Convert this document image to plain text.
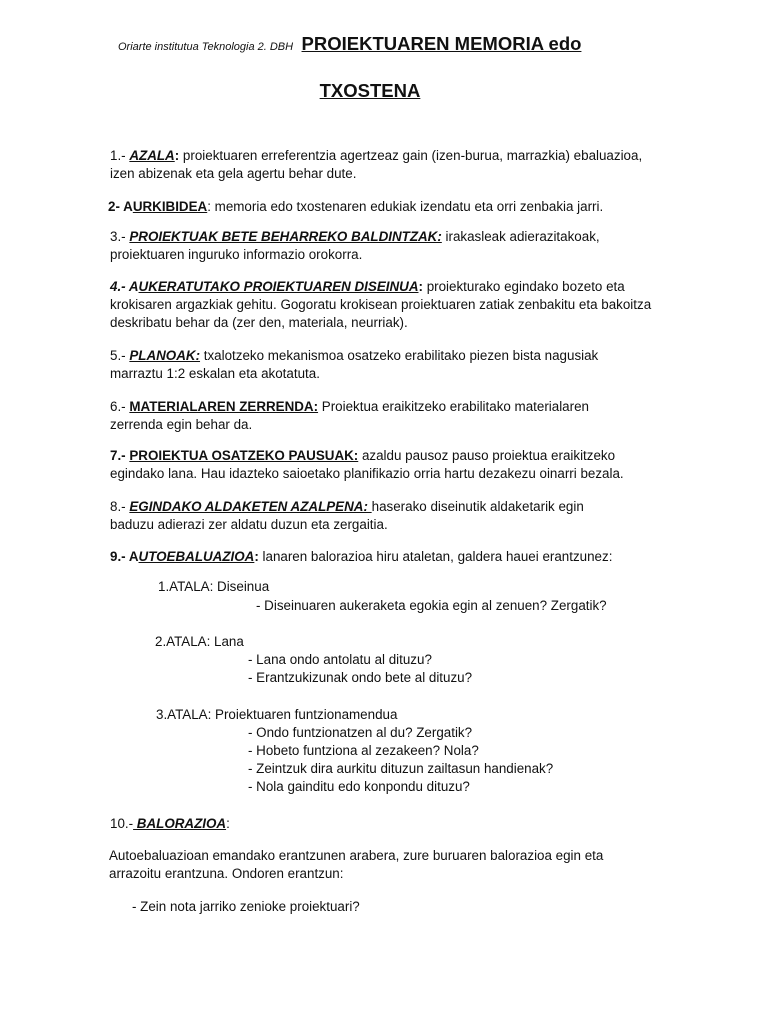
Oriarte institutua Teknologia 2. DBH PROIEKTUAREN MEMORIA edo
TXOSTENA
1.- AZALA: proiektuaren erreferentzia agertzeaz gain (izen-burua, marrazkia) ebaluazioa, izen abizenak eta gela agertu behar dute.
2- AURKIBIDEA: memoria edo txostenaren edukiak izendatu eta orri zenbakia jarri.
3.- PROIEKTUAK BETE BEHARREKO BALDINTZAK: irakasleak adierazitakoak, proiektuaren inguruko informazio orokorra.
4.- AUKERATUTAKO PROIEKTUAREN DISEINUA: proiekturako egindako bozeto eta krokisaren argazkiak gehitu. Gogoratu krokisean proiektuaren zatiak zenbakitu eta bakoitza deskribatu behar da (zer den, materiala, neurriak).
5.- PLANOAK: txalotzeko mekanismoa osatzeko erabilitako piezen bista nagusiak marraztu 1:2 eskalan eta akotatuta.
6.- MATERIALAREN ZERRENDA: Proiektua eraikitzeko erabilitako materialaren zerrenda egin behar da.
7.- PROIEKTUA OSATZEKO PAUSUAK: azaldu pausoz pauso proiektua eraikitzeko egindako lana. Hau idazteko saioetako planifikazio orria hartu dezakezu oinarri bezala.
8.- EGINDAKO ALDAKETEN AZALPENA: haserako diseinutik aldaketarik egin baduzu adierazi zer aldatu duzun eta zergaitia.
9.- AUTOEBALUAZIOA: lanaren balorazioa hiru ataletan, galdera hauei erantzunez:
1.ATALA: Diseinua
- Diseinuaren aukeraketa egokia egin al zenuen? Zergatik?
2.ATALA: Lana
- Lana ondo antolatu al dituzu?
- Erantzukizunak ondo bete al dituzu?
3.ATALA: Proiektuaren funtzionamendua
- Ondo funtzionatzen al du? Zergatik?
- Hobeto funtziona al zezakeen? Nola?
- Zeintzuk dira aurkitu dituzun zailtasun handienak?
- Nola gainditu edo konpondu dituzu?
10.- BALORAZIOA:
Autoebaluazioan emandako erantzunen arabera, zure buruaren balorazioa egin eta arrazoitu erantzuna. Ondoren erantzun:
- Zein nota jarriko zenioke proiektuari?
